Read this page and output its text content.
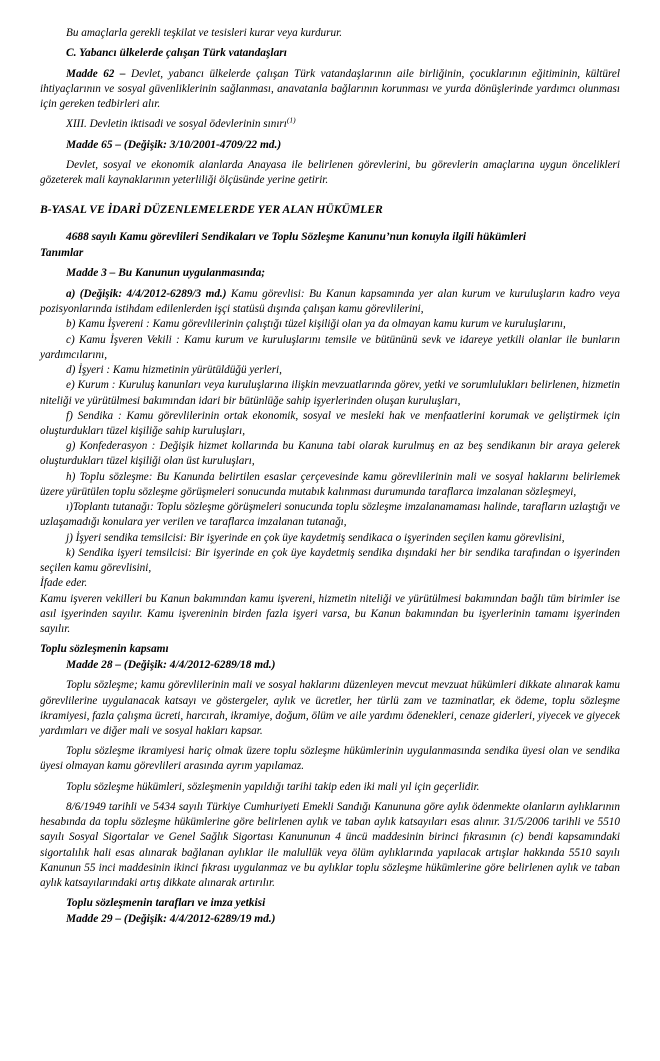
Bu amaçlarla gerekli teşkilat ve tesisleri kurar veya kurdurur.

C. Yabancı ülkelerde çalışan Türk vatandaşları

Madde 62 – Devlet, yabancı ülkelerde çalışan Türk vatandaşlarının aile birliğinin, çocuklarının eğitiminin, kültürel ihtiyaçlarının ve sosyal güvenliklerinin sağlanması, anavatanla bağlarının korunması ve yurda dönüşlerinde yardımcı olunması için gereken tedbirleri alır.

XIII. Devletin iktisadi ve sosyal ödevlerinin sınırı$^{(1)}$

Madde 65 – (Değişik: 3/10/2001-4709/22 md.)

Devlet, sosyal ve ekonomik alanlarda Anayasa ile belirlenen görevlerini, bu görevlerin amaçlarına uygun öncelikleri gözeterek mali kaynaklarının yeterliliği ölçüsünde yerine getirir.

B-YASAL VE İDARİ DÜZENLEMELERDE YER ALAN HÜKÜMLER

4688 sayılı Kamu görevlileri Sendikaları ve Toplu Sözleşme Kanunu’nun konuyla ilgili hükümleri

Tanımlar

Madde 3 – Bu Kanunun uygulanmasında;

a) (Değişik: 4/4/2012-6289/3 md.) Kamu görevlisi: Bu Kanun kapsamında yer alan kurum ve kuruluşların kadro veya pozisyonlarında istihdam edilenlerden işçi statüsü dışında çalışan kamu görevlilerini,

b) Kamu İşvereni : Kamu görevlilerinin çalıştığı tüzel kişiliği olan ya da olmayan kamu kurum ve kuruluşlarını,

c) Kamu İşveren Vekili : Kamu kurum ve kuruluşlarını temsile ve bütününü sevk ve idareye yetkili olanlar ile bunların yardımcılarını,

d) İşyeri : Kamu hizmetinin yürütüldüğü yerleri,

e) Kurum : Kuruluş kanunları veya kuruluşlarına ilişkin mevzuatlarında görev, yetki ve sorumlulukları belirlenen, hizmetin niteliği ve yürütülmesi bakımından idari bir bütünlüğe sahip işyerlerinden oluşan kuruluşları,

f) Sendika : Kamu görevlilerinin ortak ekonomik, sosyal ve mesleki hak ve menfaatlerini korumak ve geliştirmek için oluşturdukları tüzel kişiliğe sahip kuruluşları,

g) Konfederasyon : Değişik hizmet kollarında bu Kanuna tabi olarak kurulmuş en az beş sendikanın bir araya gelerek oluşturdukları tüzel kişiliği olan üst kuruluşları,

h) Toplu sözleşme: Bu Kanunda belirtilen esaslar çerçevesinde kamu görevlilerinin mali ve sosyal haklarını belirlemek üzere yürütülen toplu sözleşme görüşmeleri sonucunda mutabık kalınması durumunda taraflarca imzalanan sözleşmeyi,

ı)Toplantı tutanağı: Toplu sözleşme görüşmeleri sonucunda toplu sözleşme imzalanamaması halinde, tarafların uzlaştığı ve uzlaşamadığı konulara yer verilen ve taraflarca imzalanan tutanağı,

j) İşyeri sendika temsilcisi: Bir işyerinde en çok üye kaydetmiş sendikaca o işyerinden seçilen kamu görevlisini,

k) Sendika işyeri temsilcisi: Bir işyerinde en çok üye kaydetmiş sendika dışındaki her bir sendika tarafından o işyerinden seçilen kamu görevlisini,

İfade eder.

Kamu işveren vekilleri bu Kanun bakımından kamu işvereni, hizmetin niteliği ve yürütülmesi bakımından bağlı tüm birimler ise asıl işyerinden sayılır. Kamu işvereninin birden fazla işyeri varsa, bu Kanun bakımından bu işyerlerinin tamamı işyerinden sayılır.

Toplu sözleşmenin kapsamı

Madde 28 – (Değişik: 4/4/2012-6289/18 md.)

Toplu sözleşme; kamu görevlilerinin mali ve sosyal haklarını düzenleyen mevcut mevzuat hükümleri dikkate alınarak kamu görevlilerine uygulanacak katsayı ve göstergeler, aylık ve ücretler, her türlü zam ve tazminatlar, ek ödeme, toplu sözleşme ikramiyesi, fazla çalışma ücreti, harcırah, ikramiye, doğum, ölüm ve aile yardımı ödenekleri, cenaze giderleri, yiyecek ve giyecek yardımları ve diğer mali ve sosyal hakları kapsar.

Toplu sözleşme ikramiyesi hariç olmak üzere toplu sözleşme hükümlerinin uygulanmasında sendika üyesi olan ve sendika üyesi olmayan kamu görevlileri arasında ayrım yapılamaz.

Toplu sözleşme hükümleri, sözleşmenin yapıldığı tarihi takip eden iki mali yıl için geçerlidir.

8/6/1949 tarihli ve 5434 sayılı Türkiye Cumhuriyeti Emekli Sandığı Kanununa göre aylık ödenmekte olanların aylıklarının hesabında da toplu sözleşme hükümlerine göre belirlenen aylık ve taban aylık katsayıları esas alınır. 31/5/2006 tarihli ve 5510 sayılı Sosyal Sigortalar ve Genel Sağlık Sigortası Kanununun 4 üncü maddesinin birinci fıkrasının (c) bendi kapsamındaki sigortalılık hali esas alınarak bağlanan aylıklar ile malullük veya ölüm aylıklarında yapılacak artışlar hakkında 5510 sayılı Kanunun 55 inci maddesinin ikinci fıkrası uygulanmaz ve bu aylıklar toplu sözleşme hükümlerine göre belirlenen aylık ve taban aylık katsayılarındaki artış dikkate alınarak artırılır.

Toplu sözleşmenin tarafları ve imza yetkisi

Madde 29 – (Değişik: 4/4/2012-6289/19 md.)
